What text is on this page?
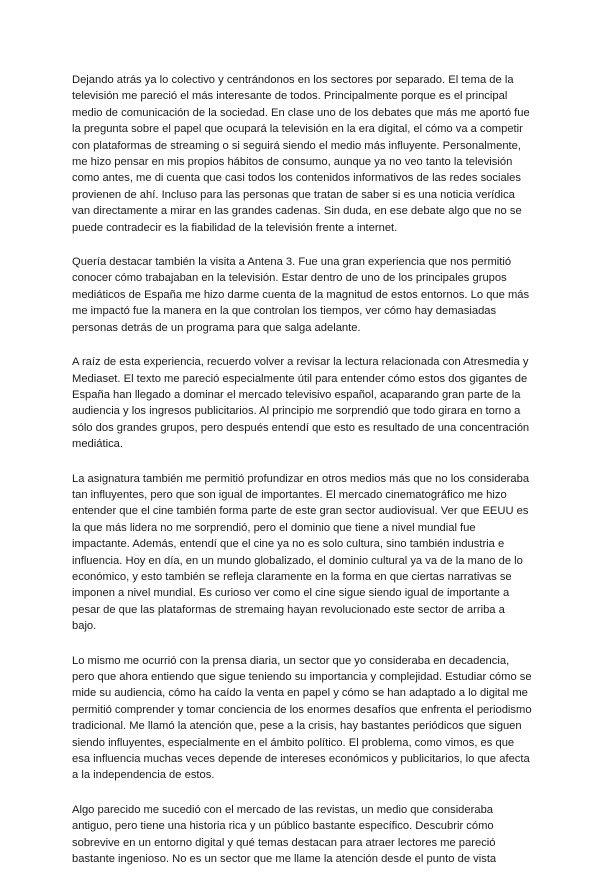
Dejando atrás ya lo colectivo y centrándonos en los sectores por separado. El tema de la televisión me pareció el más interesante de todos. Principalmente porque es el principal medio de comunicación de la sociedad. En clase uno de los debates que más me aportó fue la pregunta sobre el papel que ocupará la televisión en la era digital, el cómo va a competir con plataformas de streaming o si seguirá siendo el medio más influyente. Personalmente, me hizo pensar en mis propios hábitos de consumo, aunque ya no veo tanto la televisión como antes, me di cuenta que casi todos los contenidos informativos de las redes sociales provienen de ahí. Incluso para las personas que tratan de saber si es una noticia verídica van directamente a mirar en las grandes cadenas. Sin duda, en ese debate algo que no se puede contradecir es la fiabilidad de la televisión frente a internet.

Quería destacar también la visita a Antena 3. Fue una gran experiencia que nos permitió conocer cómo trabajaban en la televisión. Estar dentro de uno de los principales grupos mediáticos de España me hizo darme cuenta de la magnitud de estos entornos. Lo que más me impactó fue la manera en la que controlan los tiempos, ver cómo hay demasiadas personas detrás de un programa para que salga adelante.

A raíz de esta experiencia, recuerdo volver a revisar la lectura relacionada con Atresmedia y Mediaset. El texto me pareció especialmente útil para entender cómo estos dos gigantes de España han llegado a dominar el mercado televisivo español, acaparando gran parte de la audiencia y los ingresos publicitarios. Al principio me sorprendió que todo girara en torno a sólo dos grandes grupos, pero después entendí que esto es resultado de una concentración mediática.

La asignatura también me permitió profundizar en otros medios más que no los consideraba tan influyentes, pero que son igual de importantes. El mercado cinematográfico me hizo entender que el cine también forma parte de este gran sector audiovisual. Ver que EEUU es la que más lidera no me sorprendió, pero el dominio que tiene a nivel mundial fue impactante. Además, entendí que el cine ya no es solo cultura, sino también industria e influencia. Hoy en día, en un mundo globalizado, el dominio cultural ya va de la mano de lo económico, y esto también se refleja claramente en la forma en que ciertas narrativas se imponen a nivel mundial. Es curioso ver como el cine sigue siendo igual de importante a pesar de que las plataformas de stremaing hayan revolucionado este sector de arriba a bajo.

Lo mismo me ocurrió con la prensa diaria, un sector que yo consideraba en decadencia, pero que ahora entiendo que sigue teniendo su importancia y complejidad. Estudiar cómo se mide su audiencia, cómo ha caído la venta en papel y cómo se han adaptado a lo digital me permitió comprender y tomar conciencia de los enormes desafíos que enfrenta el periodismo tradicional. Me llamó la atención que, pese a la crisis, hay bastantes periódicos que siguen siendo influyentes, especialmente en el ámbito político. El problema, como vimos, es que esa influencia muchas veces depende de intereses económicos y publicitarios, lo que afecta a la independencia de estos.

Algo parecido me sucedió con el mercado de las revistas, un medio que consideraba antiguo, pero tiene una historia rica y un público bastante específico. Descubrir cómo sobrevive en un entorno digital y qué temas destacan para atraer lectores me pareció bastante ingenioso. No es un sector que me llame la atención desde el punto de vista
